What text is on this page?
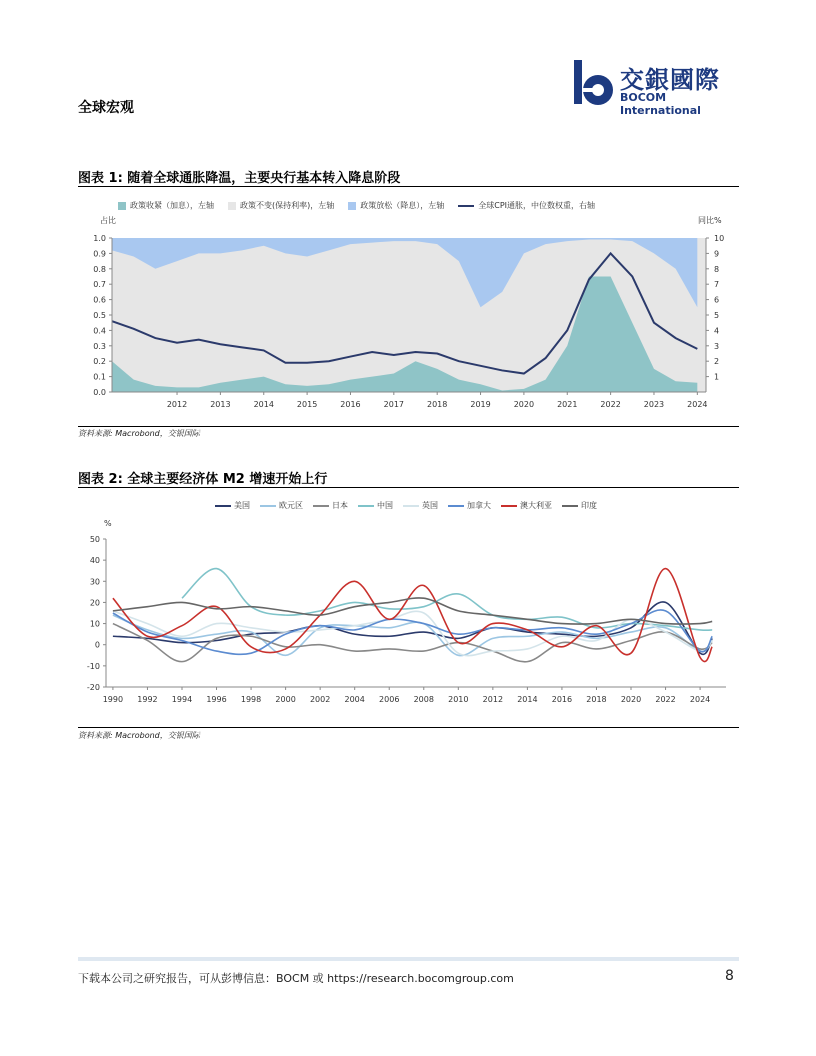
全球宏观
交銀國際
BOCOM International
图表 1: 随着全球通胀降温，主要央行基本转入降息阶段
政策收紧（加息），左轴	政策不变(保持利率)，左轴	政策放松（降息），左轴	全球CPI通胀，中位数权重，右轴
占比	同比%
0.0
0.1
0.2
0.3
0.4
0.5
0.6
0.7
0.8
0.9
1.0
1
2
3
4
5
6
7
8
9
10
2012	2013	2014	2015	2016	2017	2018	2019	2020	2021	2022	2023	2024
资料来源: Macrobond，交银国际
图表 2: 全球主要经济体 M2 增速开始上行
美国	欧元区	日本	中国	英国	加拿大	澳大利亚	印度
%
50
40
30
20
10
0
-10
-20
1990 1992 1994 1996 1998 2000 2002 2004 2006 2008 2010 2012 2014 2016 2018 2020 2022 2024
资料来源: Macrobond，交银国际
下载本公司之研究报告，可从彭博信息：BOCM 或 https://research.bocomgroup.com	8
